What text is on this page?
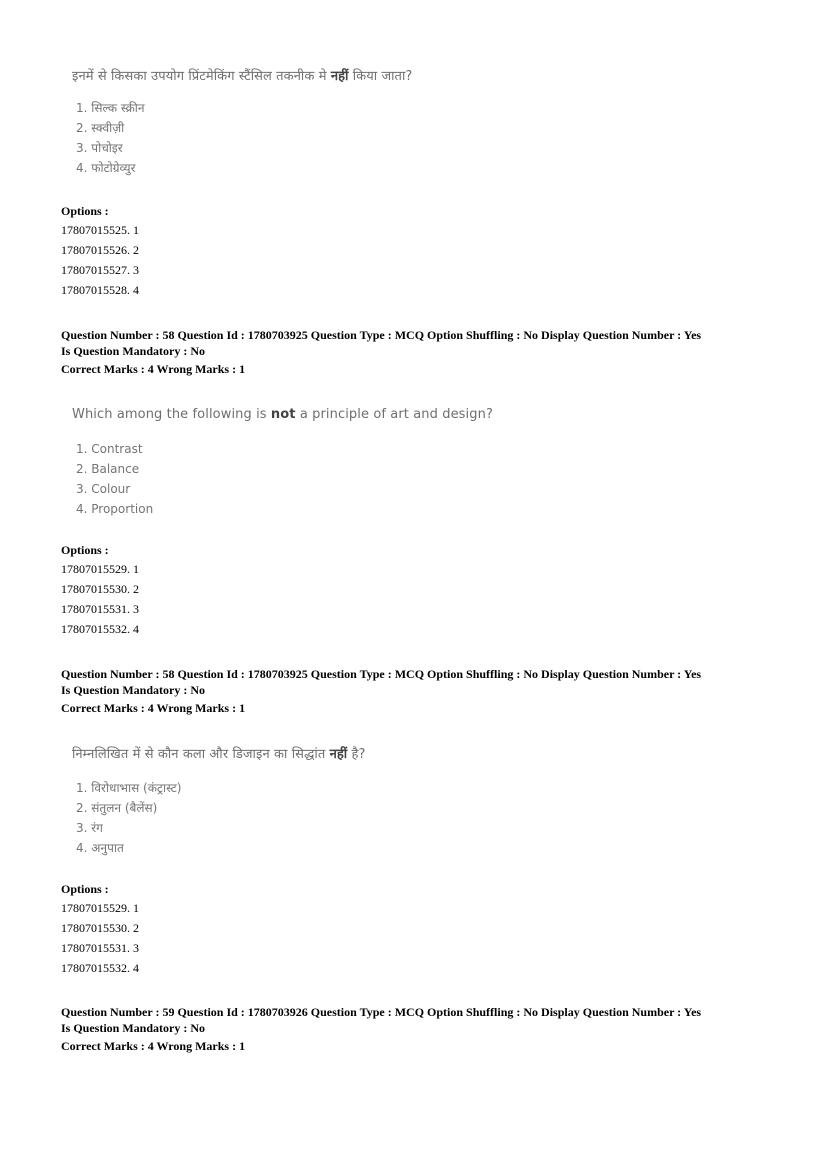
इनमें से किसका उपयोग प्रिंटमेकिंग स्टैंसिल तकनीक मे नहीं किया जाता?
1. सिल्क स्क्रीन
2. स्क्वीज़ी
3. पोचोइर
4. फोटोग्रेव्युर
Options :
17807015525. 1
17807015526. 2
17807015527. 3
17807015528. 4
Question Number : 58 Question Id : 1780703925 Question Type : MCQ Option Shuffling : No Display Question Number : Yes
Is Question Mandatory : No
Correct Marks : 4 Wrong Marks : 1
Which among the following is not a principle of art and design?
1. Contrast
2. Balance
3. Colour
4. Proportion
Options :
17807015529. 1
17807015530. 2
17807015531. 3
17807015532. 4
Question Number : 58 Question Id : 1780703925 Question Type : MCQ Option Shuffling : No Display Question Number : Yes
Is Question Mandatory : No
Correct Marks : 4 Wrong Marks : 1
निम्नलिखित में से कौन कला और डिजाइन का सिद्धांत नहीं है?
1. विरोधाभास (कंट्रास्ट)
2. संतुलन (बैलेंस)
3. रंग
4. अनुपात
Options :
17807015529. 1
17807015530. 2
17807015531. 3
17807015532. 4
Question Number : 59 Question Id : 1780703926 Question Type : MCQ Option Shuffling : No Display Question Number : Yes
Is Question Mandatory : No
Correct Marks : 4 Wrong Marks : 1
